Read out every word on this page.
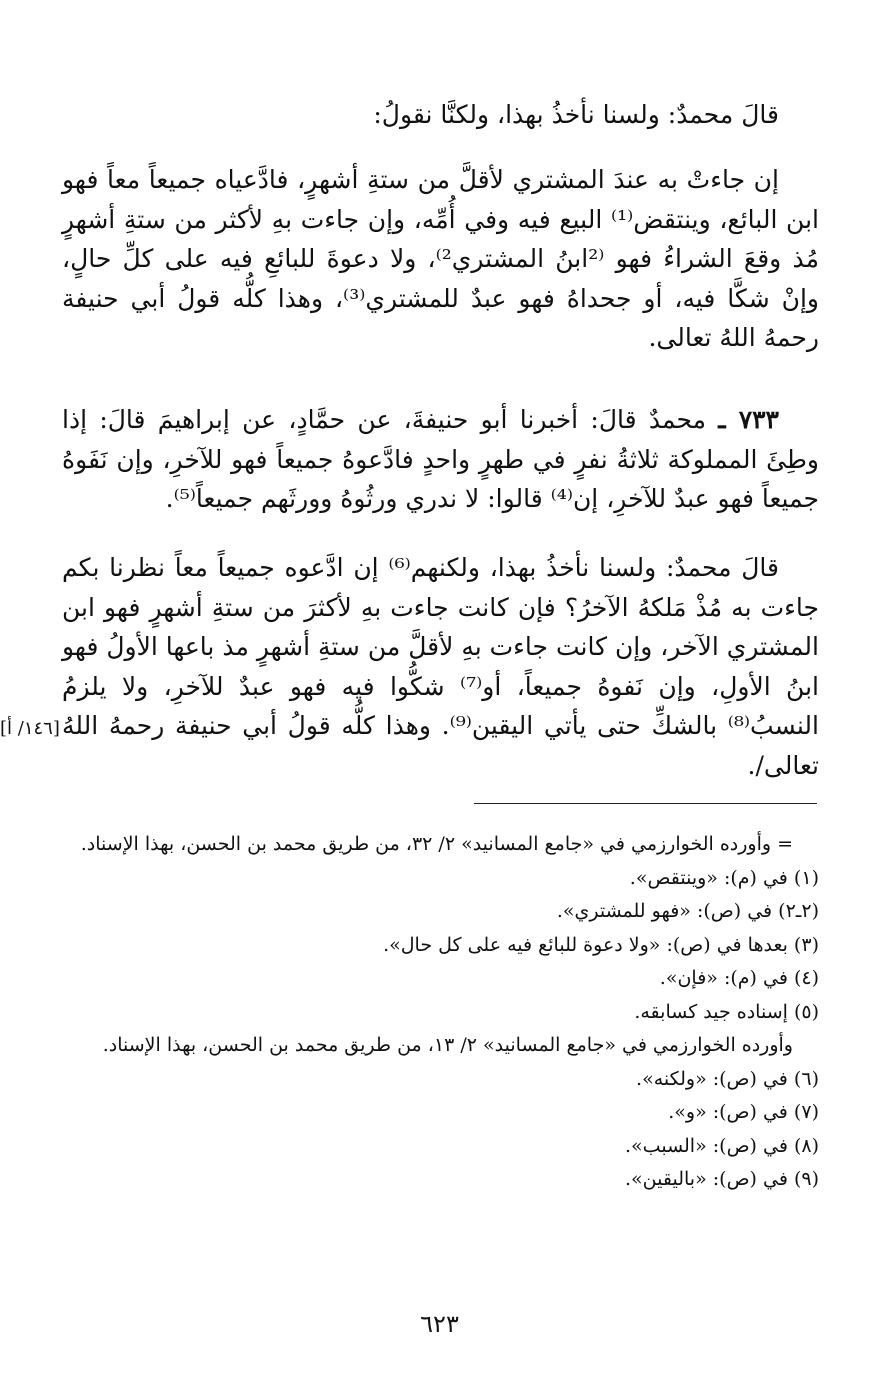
قالَ محمدٌ: ولسنا نأخذُ بهذا، ولكنَّا نقولُ:

إن جاءتْ به عندَ المشتري لأقلَّ من ستةِ أشهرٍ، فادَّعياه جميعاً معاً فهو ابن البائع، وينتقض⁽¹⁾ البيع فيه وفي أُمِّه، وإن جاءت بهِ لأكثر من ستةِ أشهرٍ مُذ وقعَ الشراءُ فهو ⁽²ابنُ المشتري²⁾، ولا دعوةَ للبائعِ فيه على كلِّ حالٍ، وإنْ شكَّا فيه، أو جحداهُ فهو عبدٌ للمشتري⁽³⁾، وهذا كلُّه قولُ أبي حنيفة رحمهُ اللهُ تعالى.

٧٣٣ ـ محمدٌ قالَ: أخبرنا أبو حنيفةَ، عن حمَّادٍ، عن إبراهيمَ قالَ: إذا وطِئَ المملوكة ثلاثةُ نفرٍ في طهرٍ واحدٍ فادَّعوهُ جميعاً فهو للآخرِ، وإن نَفَوهُ جميعاً فهو عبدٌ للآخرِ، إن⁽⁴⁾ قالوا: لا ندري ورثُوهُ وورثَهم جميعاً⁽⁵⁾.

قالَ محمدٌ: ولسنا نأخذُ بهذا، ولكنهم⁽⁶⁾ إن ادَّعوه جميعاً معاً نظرنا بكم جاءت به مُذْ مَلكهُ الآخرُ؟ فإن كانت جاءت بهِ لأكثرَ من ستةِ أشهرٍ فهو ابن المشتري الآخر، وإن كانت جاءت بهِ لأقلَّ من ستةِ أشهرٍ مذ باعها الأولُ فهو ابنُ الأولِ، وإن نَفوهُ جميعاً، أو⁽⁷⁾ شكُّوا فيه فهو عبدٌ للآخرِ، ولا يلزمُ النسبُ⁽⁸⁾ بالشكِّ حتى يأتي اليقين⁽⁹⁾. وهذا كلُّه قولُ أبي حنيفة رحمهُ اللهُ تعالى/.

[١٤٦/ أ]

= وأورده الخوارزمي في «جامع المسانيد» ٢/ ٣٢، من طريق محمد بن الحسن، بهذا الإسناد.

(١) في (م): «وينتقص».

(٢ـ٢) في (ص): «فهو للمشتري».

(٣) بعدها في (ص): «ولا دعوة للبائع فيه على كل حال».

(٤) في (م): «فإن».

(٥) إسناده جيد كسابقه.

وأورده الخوارزمي في «جامع المسانيد» ٢/ ١٣، من طريق محمد بن الحسن، بهذا الإسناد.

(٦) في (ص): «ولكنه».

(٧) في (ص): «و».

(٨) في (ص): «السبب».

(٩) في (ص): «باليقين».

٦٢٣
